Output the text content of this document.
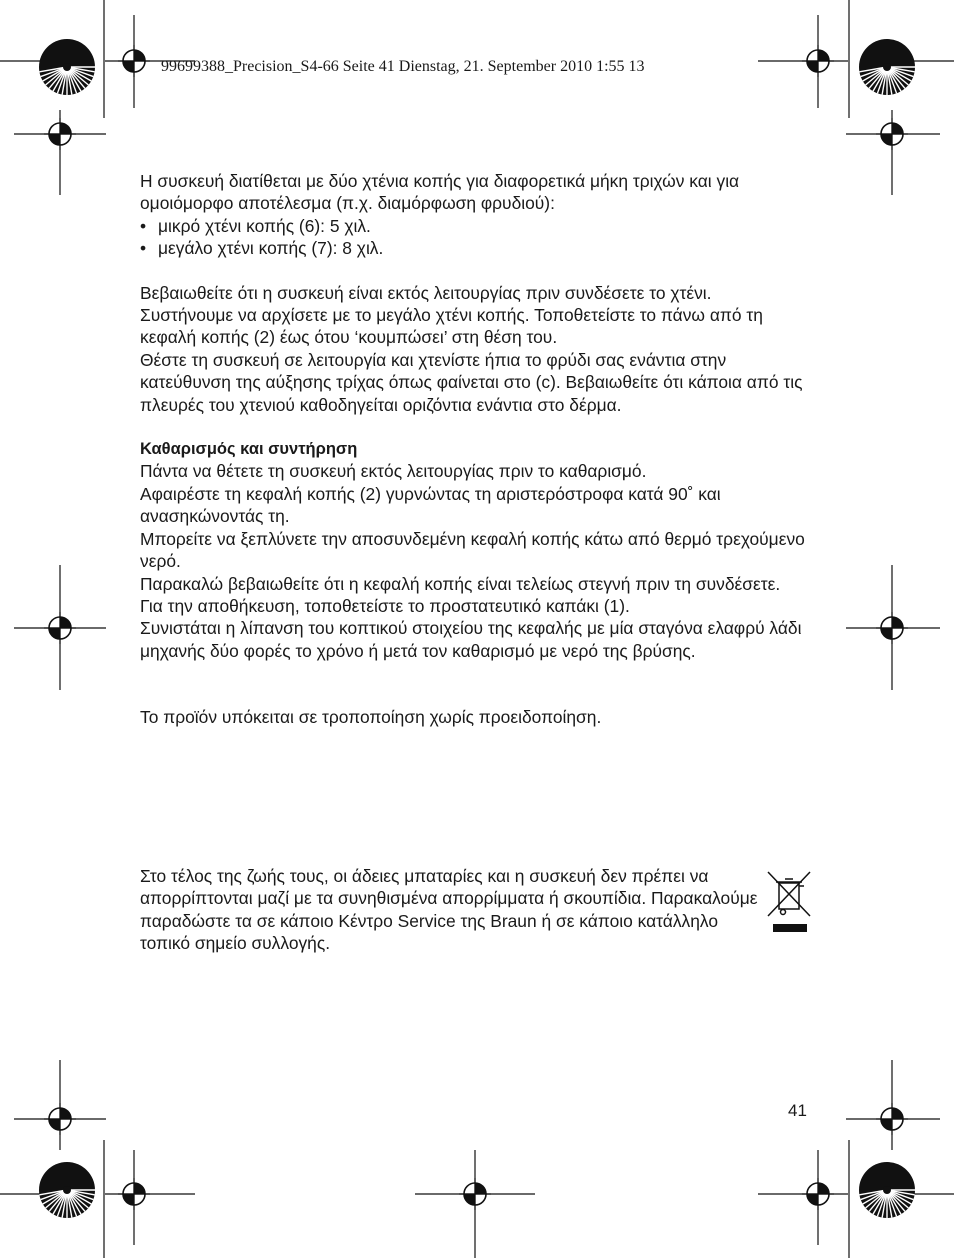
99699388_Precision_S4-66 Seite 41 Dienstag, 21. September 2010 1:55 13

Η συσκευή διατίθεται με δύο χτένια κοπής για διαφορετικά μήκη τριχών και για ομοιόμορφο αποτέλεσμα (π.χ. διαμόρφωση φρυδιού):

• μικρό χτένι κοπής (6): 5 χιλ.
• μεγάλο χτένι κοπής (7): 8 χιλ.

Βεβαιωθείτε ότι η συσκευή είναι εκτός λειτουργίας πριν συνδέσετε το χτένι.

Συστήνουμε να αρχίσετε με το μεγάλο χτένι κοπής. Τοποθετείστε το πάνω από τη κεφαλή κοπής (2) έως ότου ‘κουμπώσει’ στη θέση του.

Θέστε τη συσκευή σε λειτουργία και χτενίστε ήπια το φρύδι σας ενάντια στην κατεύθυνση της αύξησης τρίχας όπως φαίνεται στο (c). Βεβαιωθείτε ότι κάποια από τις πλευρές του χτενιού καθοδηγείται οριζόντια ενάντια στο δέρμα.

Καθαρισμός και συντήρηση

Πάντα να θέτετε τη συσκευή εκτός λειτουργίας πριν το καθαρισμό.

Αφαιρέστε τη κεφαλή κοπής (2) γυρνώντας τη αριστερόστροφα κατά 90˚ και ανασηκώνοντάς τη.

Μπορείτε να ξεπλύνετε την αποσυνδεμένη κεφαλή κοπής κάτω από θερμό τρεχούμενο νερό.

Παρακαλώ βεβαιωθείτε ότι η κεφαλή κοπής είναι τελείως στεγνή πριν τη συνδέσετε.

Για την αποθήκευση, τοποθετείστε το προστατευτικό καπάκι (1).

Συνιστάται η λίπανση του κοπτικού στοιχείου της κεφαλής με μία σταγόνα ελαφρύ λάδι μηχανής δύο φορές το χρόνο ή μετά τον καθαρισμό με νερό της βρύσης.

Το προϊόν υπόκειται σε τροποποίηση χωρίς προειδοποίηση.

Στο τέλος της ζωής τους, οι άδειες μπαταρίες και η συσκευή δεν πρέπει να απορρίπτονται μαζί με τα συνηθισμένα απορρίμματα ή σκουπίδια. Παρακαλούμε παραδώστε τα σε κάποιο Κέντρο Service της Braun ή σε κάποιο κατάλληλο τοπικό σημείο συλλογής.
41
